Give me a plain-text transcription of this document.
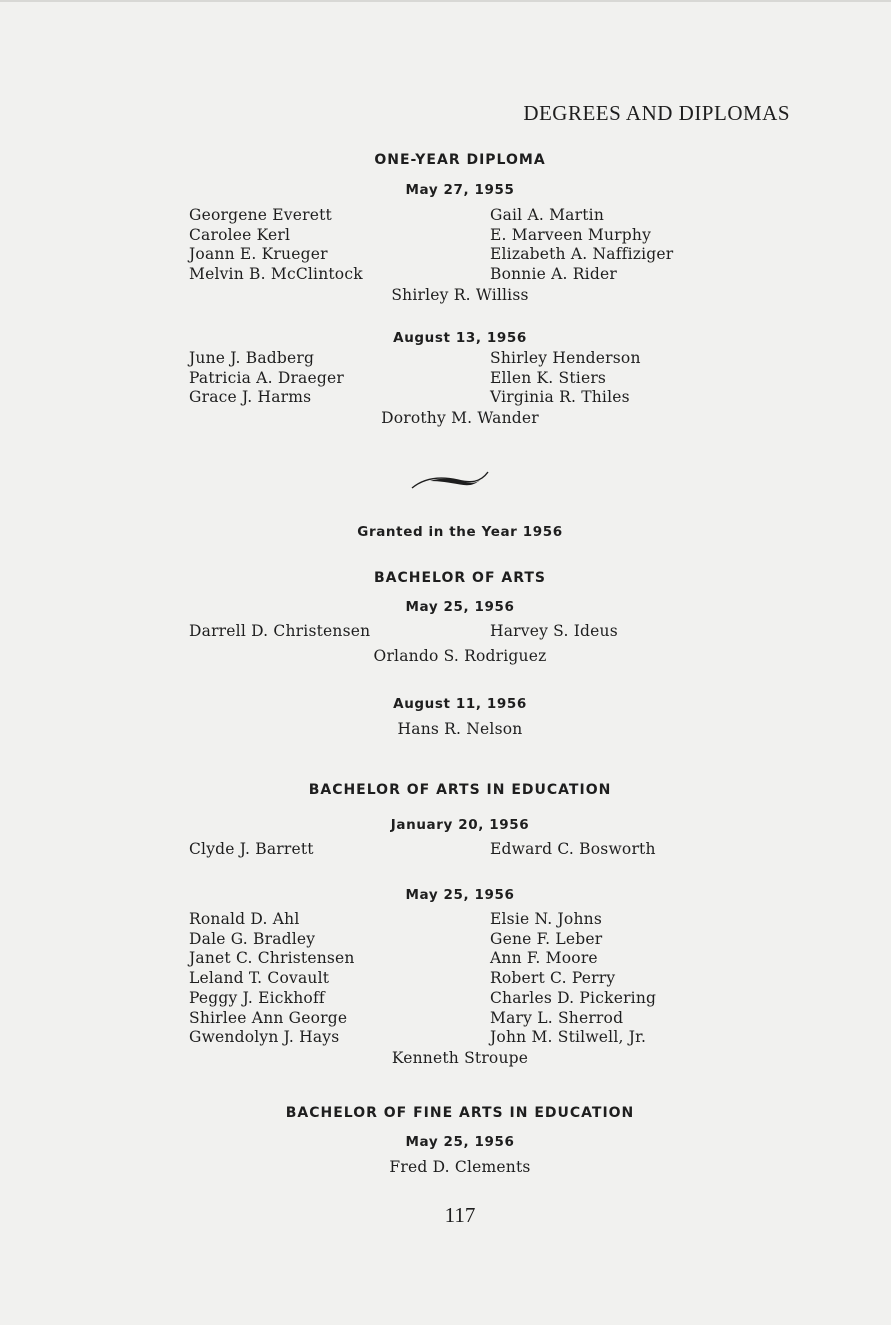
DEGREES AND DIPLOMAS
ONE-YEAR DIPLOMA
May 27, 1955
Georgene Everett
Carolee Kerl
Joann E. Krueger
Melvin B. McClintock
Gail A. Martin
E. Marveen Murphy
Elizabeth A. Naffiziger
Bonnie A. Rider
Shirley R. Williss
August 13, 1956
June J. Badberg
Patricia A. Draeger
Grace J. Harms
Shirley Henderson
Ellen K. Stiers
Virginia R. Thiles
Dorothy M. Wander
Granted in the Year 1956
BACHELOR OF ARTS
May 25, 1956
Darrell D. Christensen	Harvey S. Ideus
Orlando S. Rodriguez
August 11, 1956
Hans R. Nelson
BACHELOR OF ARTS IN EDUCATION
January 20, 1956
Clyde J. Barrett	Edward C. Bosworth
May 25, 1956
Ronald D. Ahl
Dale G. Bradley
Janet C. Christensen
Leland T. Covault
Peggy J. Eickhoff
Shirlee Ann George
Gwendolyn J. Hays
Elsie N. Johns
Gene F. Leber
Ann F. Moore
Robert C. Perry
Charles D. Pickering
Mary L. Sherrod
John M. Stilwell, Jr.
Kenneth Stroupe
BACHELOR OF FINE ARTS IN EDUCATION
May 25, 1956
Fred D. Clements
117
